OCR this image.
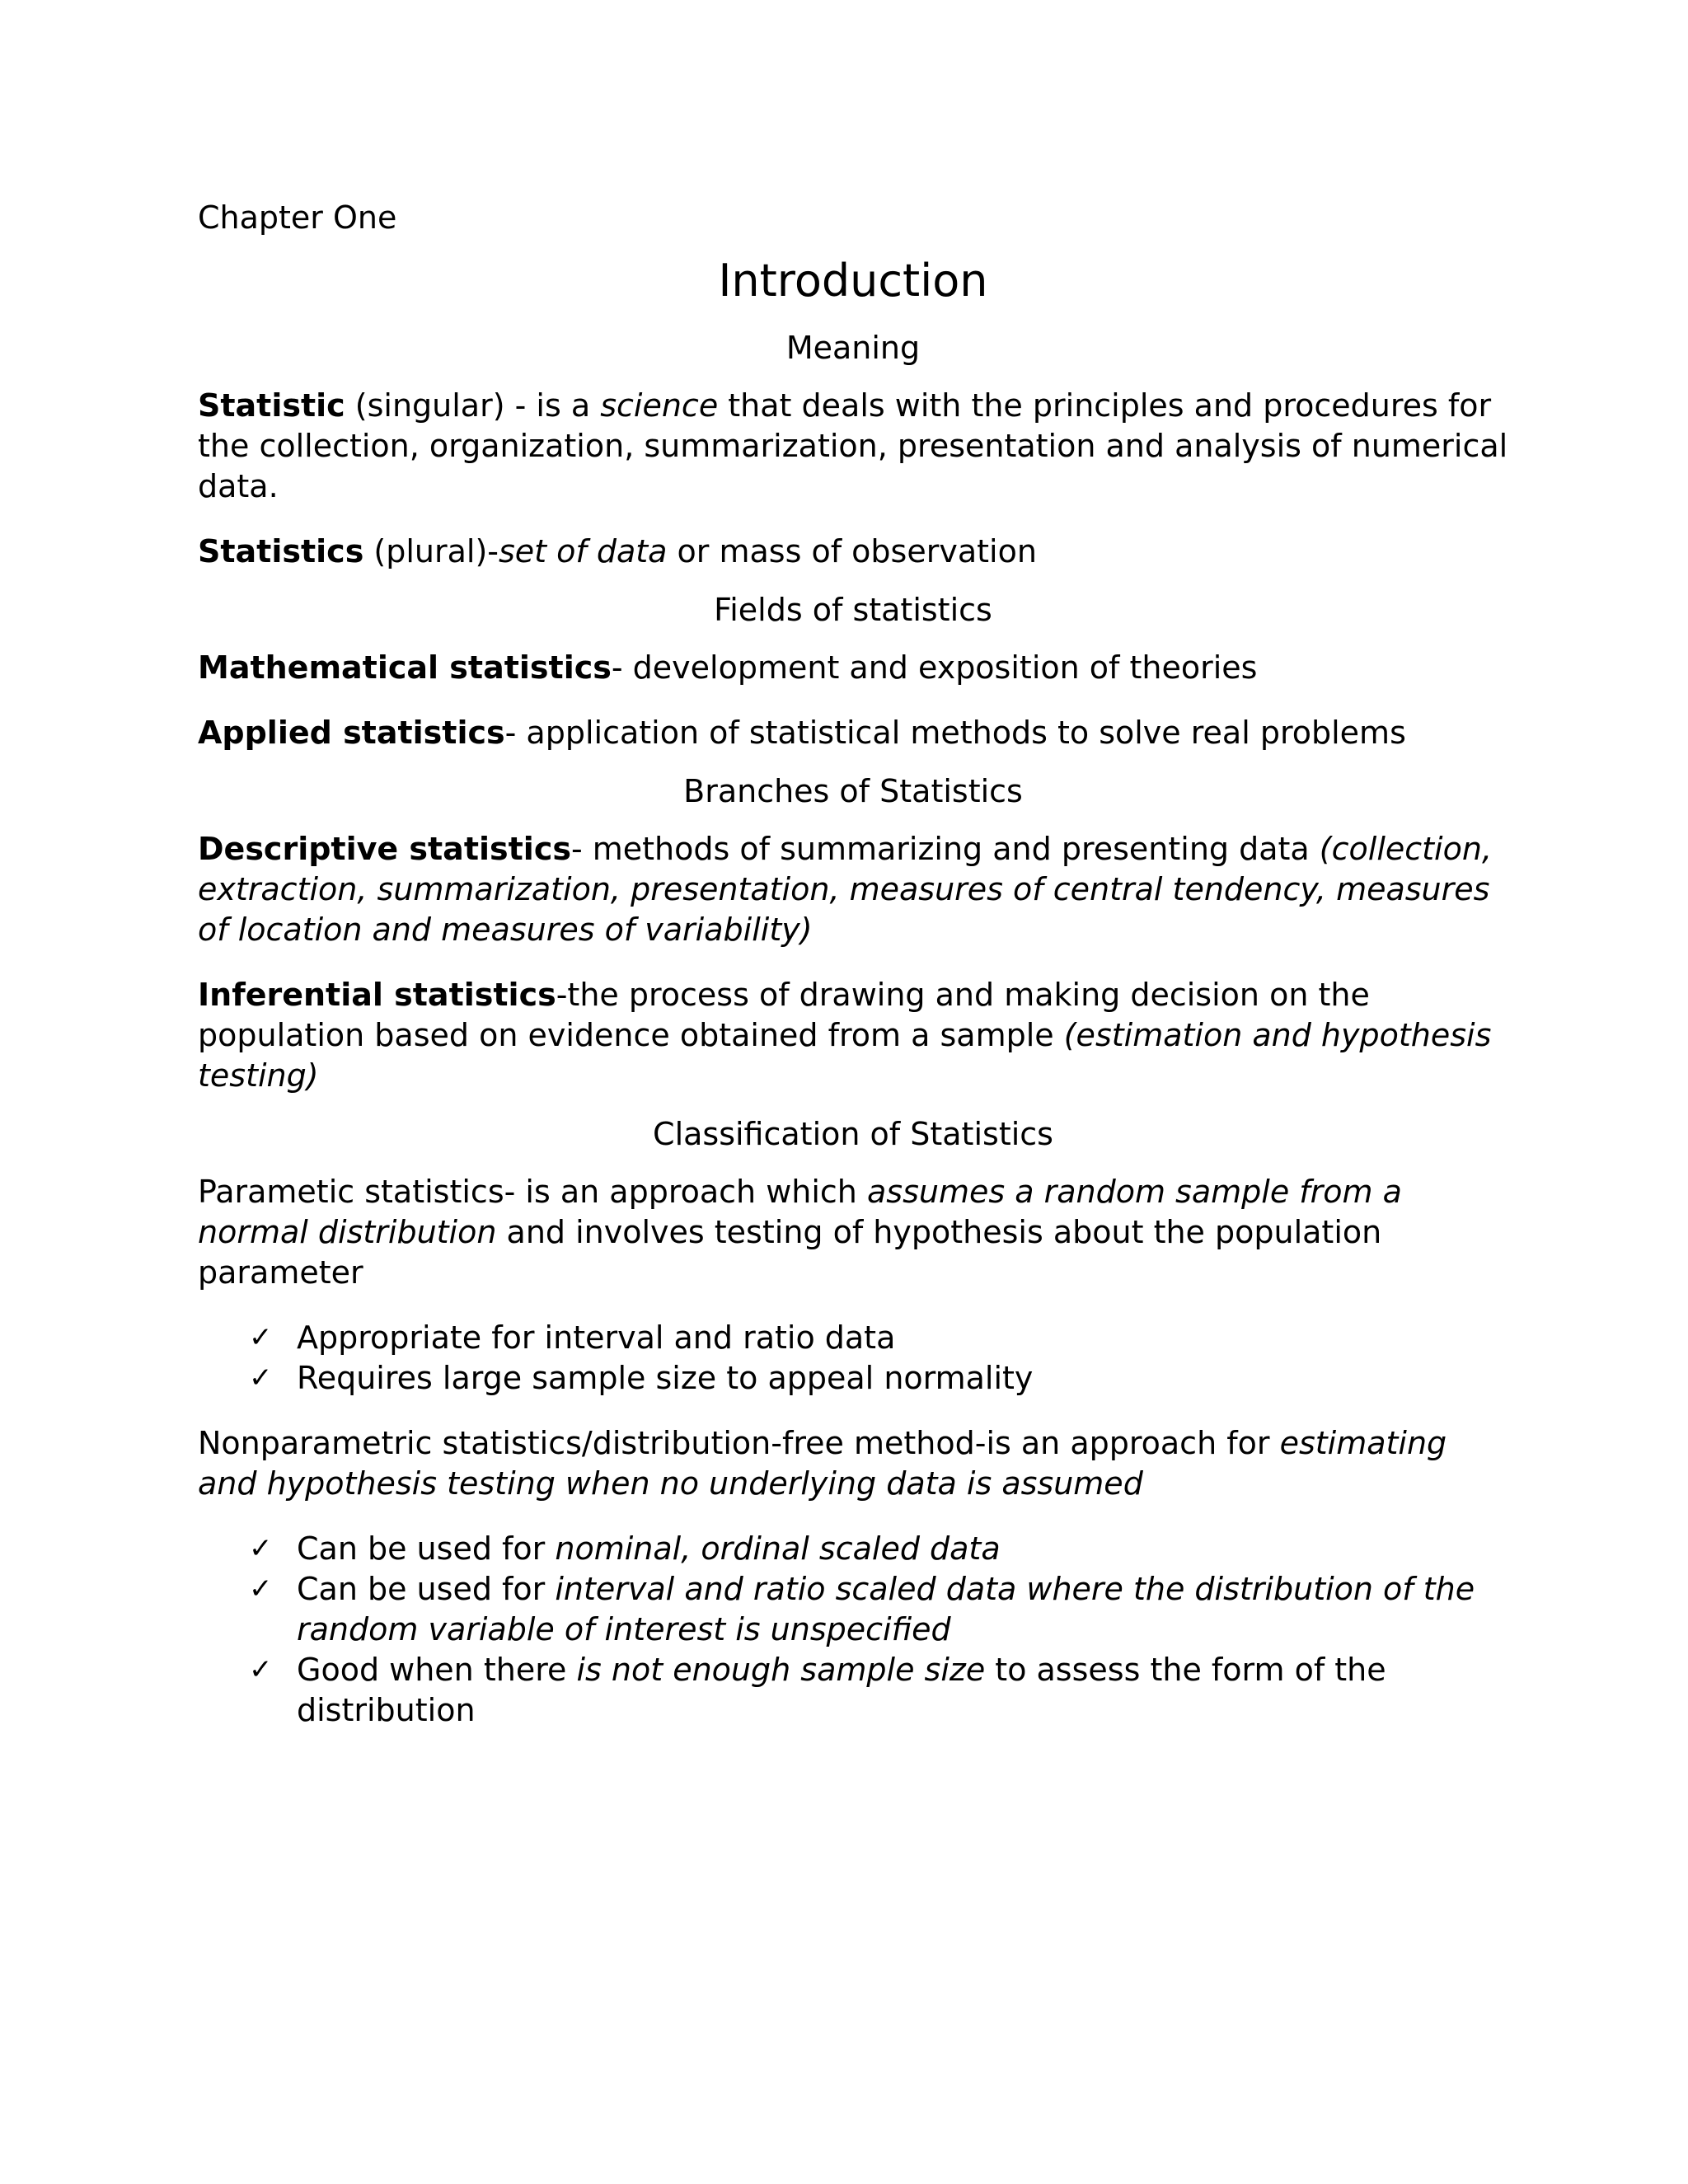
Chapter One
Introduction
Meaning

Statistic (singular) - is a science that deals with the principles and procedures for the collection, organization, summarization, presentation and analysis of numerical data.

Statistics (plural)-set of data or mass of observation

Fields of statistics

Mathematical statistics- development and exposition of theories

Applied statistics- application of statistical methods to solve real problems

Branches of Statistics

Descriptive statistics- methods of summarizing and presenting data (collection, extraction, summarization, presentation, measures of central tendency, measures of location and measures of variability)

Inferential statistics-the process of drawing and making decision on the population based on evidence obtained from a sample (estimation and hypothesis testing)

Classification of Statistics

Parametic statistics- is an approach which assumes a random sample from a normal distribution and involves testing of hypothesis about the population parameter

✓ Appropriate for interval and ratio data
✓ Requires large sample size to appeal normality

Nonparametric statistics/distribution-free method-is an approach for estimating and hypothesis testing when no underlying data is assumed

✓ Can be used for nominal, ordinal scaled data
✓ Can be used for interval and ratio scaled data where the distribution of the random variable of interest is unspecified
✓ Good when there is not enough sample size to assess the form of the distribution
